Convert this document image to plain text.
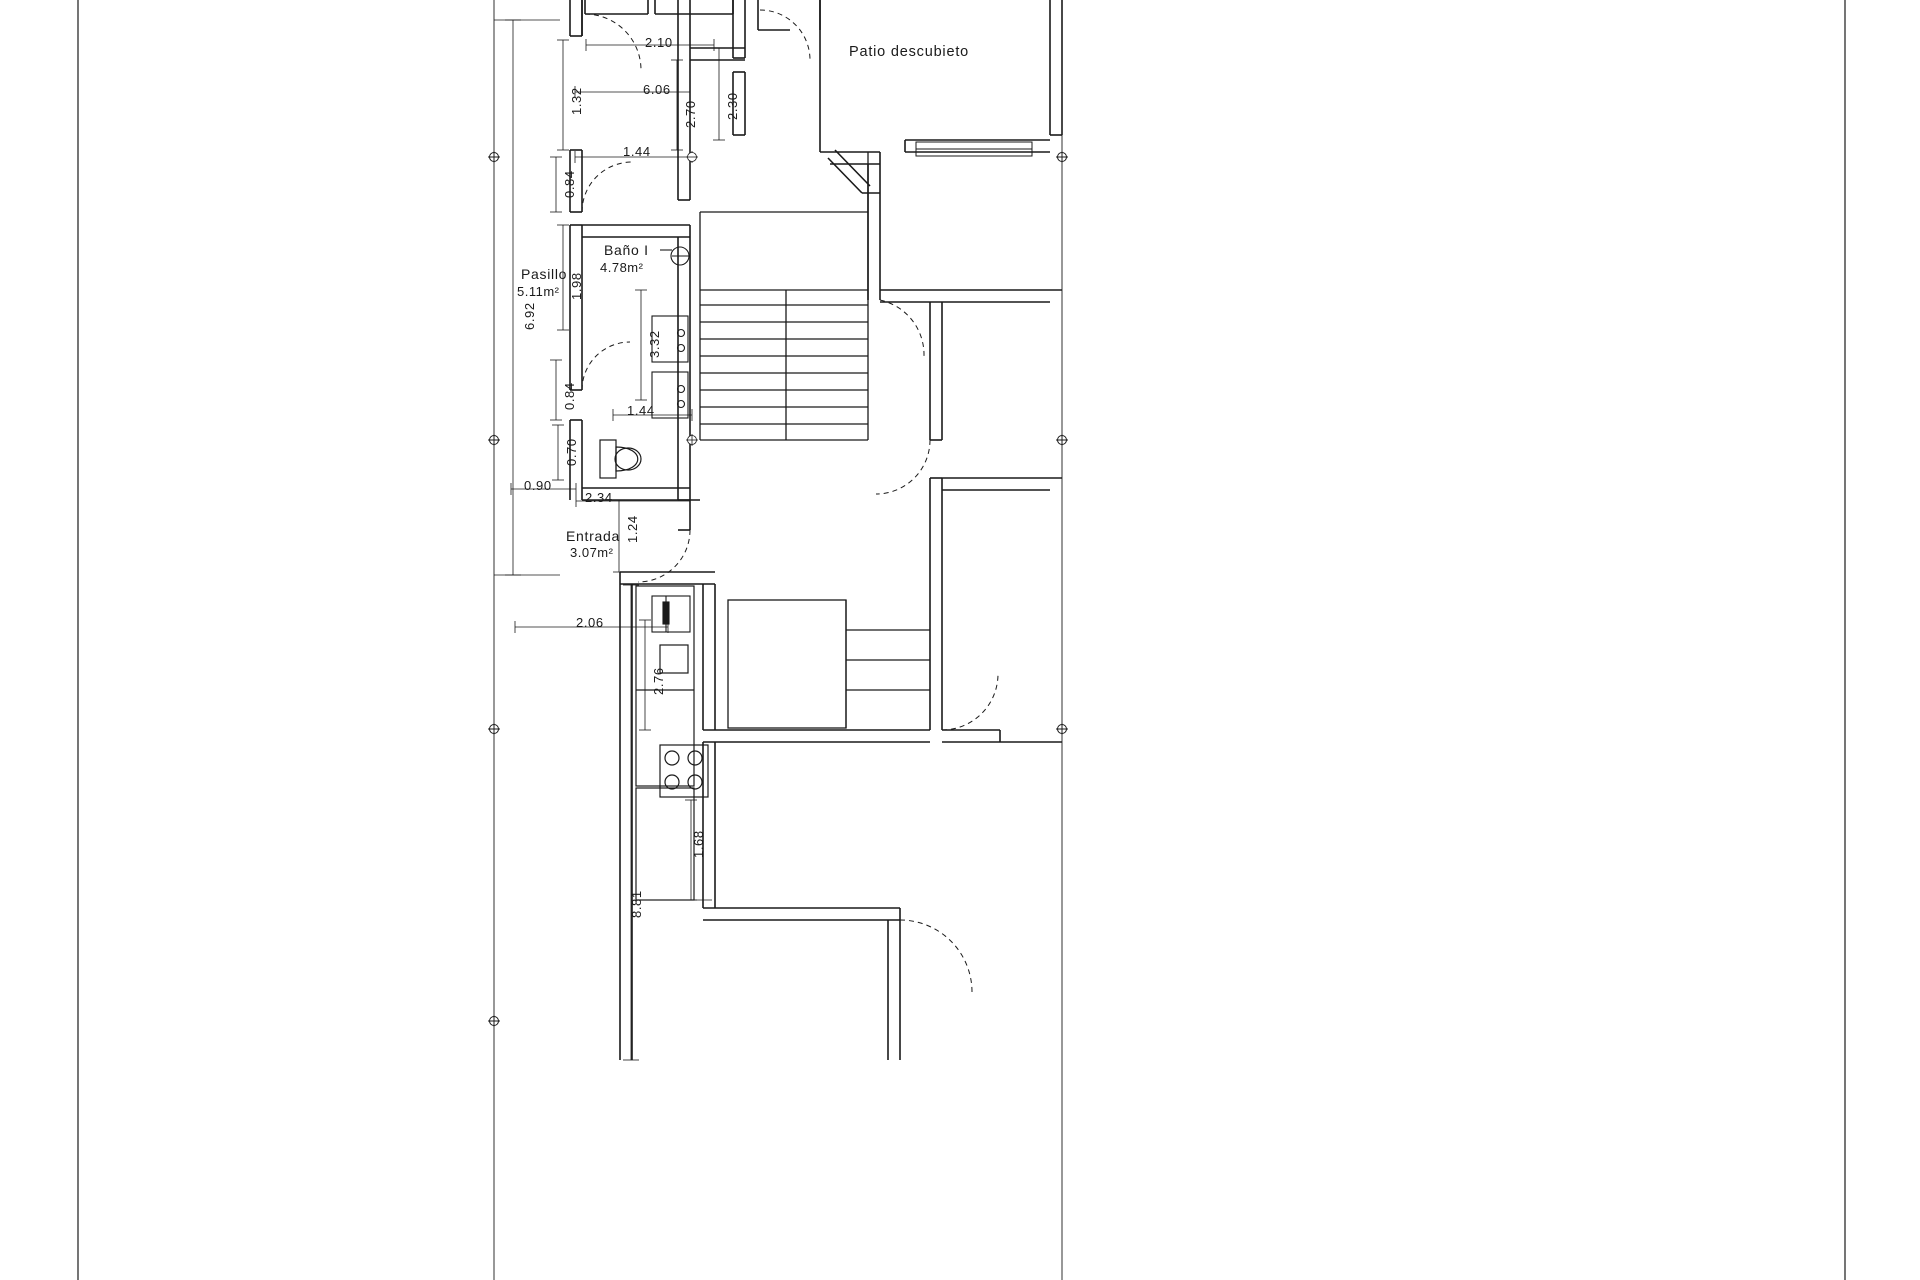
Patio descubieto
Baño I
4.78m²
Pasillo
5.11m²
Entrada
3.07m²
2.10
6.06
1.44
1.44
0.90
2.34
2.06
1.32	2.70 2.30
0.84
6.92
1.98
3.32
0.84
0.70
1.24
2.76
1.68
8.81
